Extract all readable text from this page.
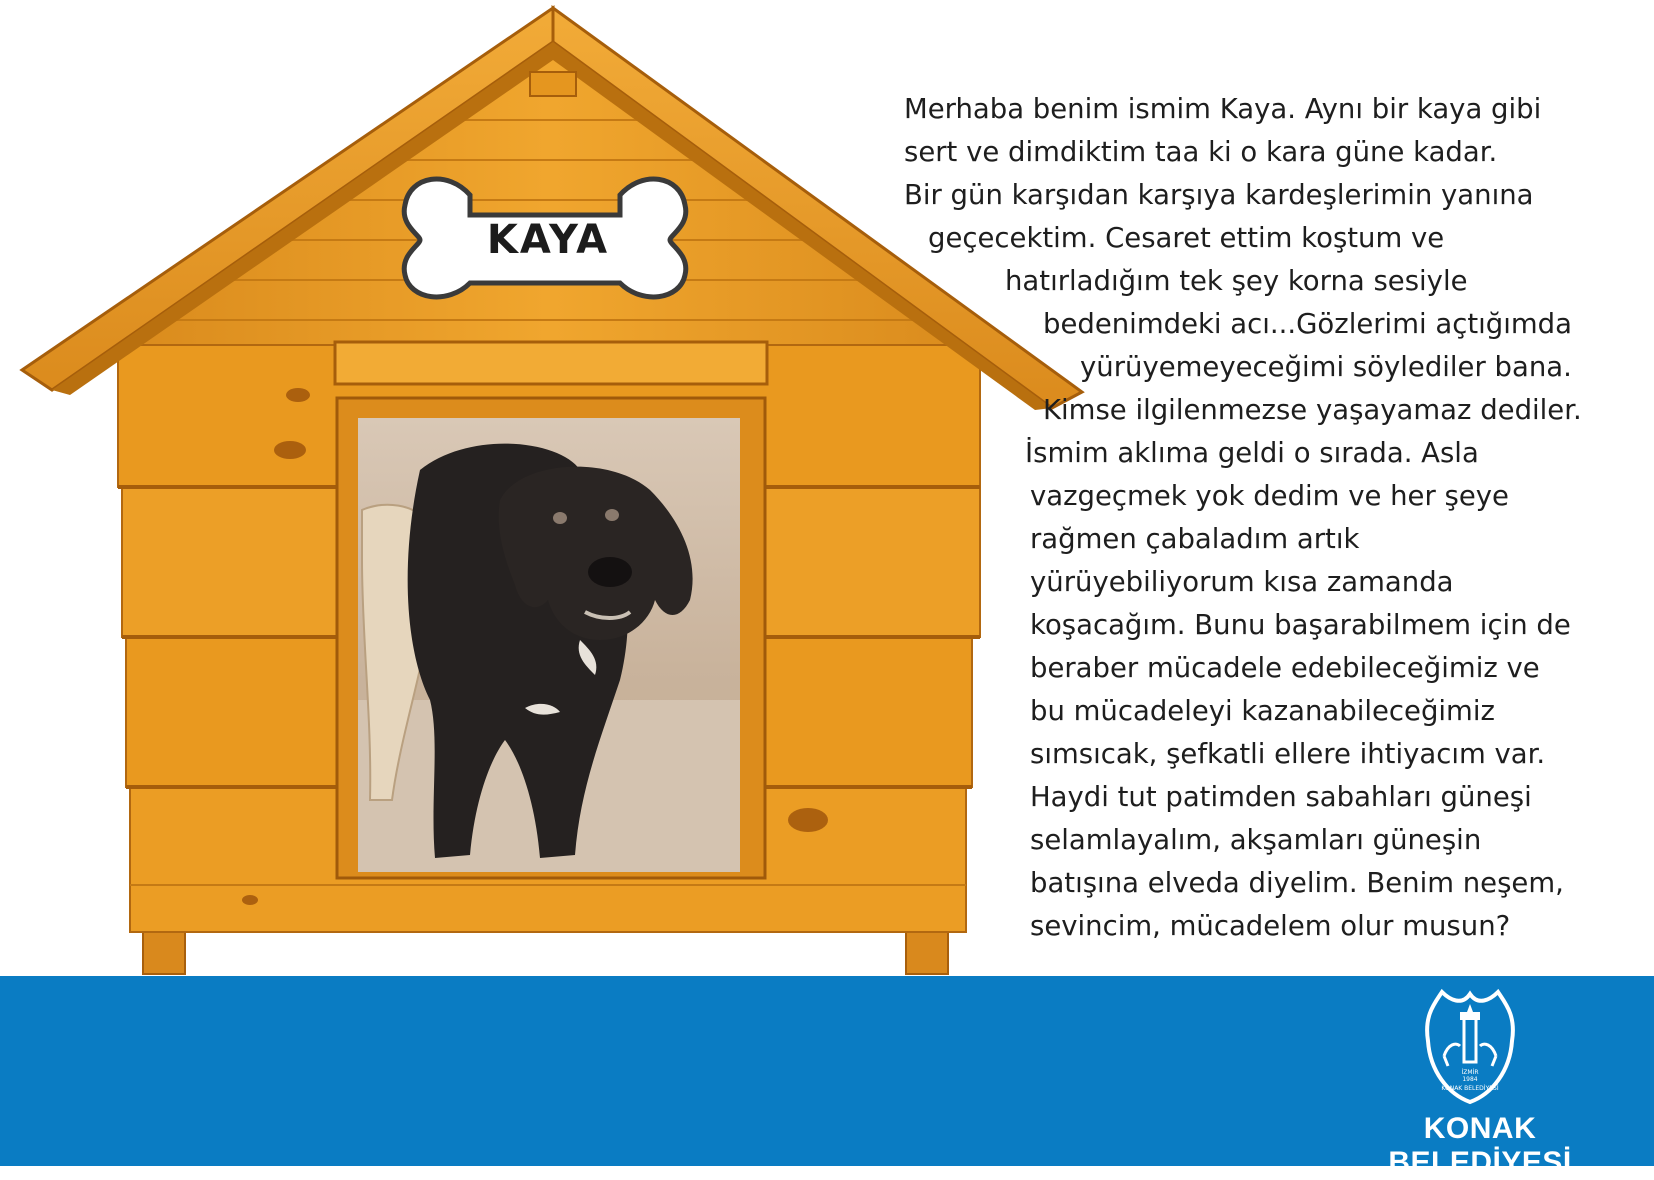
KAYA
Merhaba benim ismim Kaya. Aynı bir kaya gibi
sert ve dimdiktim taa ki o kara güne kadar.
Bir gün karşıdan karşıya kardeşlerimin yanına
geçecektim. Cesaret ettim koştum ve
hatırladığım tek şey korna sesiyle
bedenimdeki acı...Gözlerimi açtığımda
yürüyemeyeceğimi söylediler bana.
Kimse ilgilenmezse yaşayamaz dediler.
İsmim aklıma geldi o sırada. Asla
vazgeçmek yok dedim ve her şeye
rağmen çabaladım artık
yürüyebiliyorum kısa zamanda
koşacağım. Bunu başarabilmem için de
beraber mücadele edebileceğimiz ve
bu mücadeleyi kazanabileceğimiz
sımsıcak, şefkatli ellere ihtiyacım var.
Haydi tut patimden sabahları güneşi
selamlayalım, akşamları güneşin
batışına elveda diyelim. Benim neşem,
sevincim, mücadelem olur musun?
İZMİR
1984
KONAK BELEDİYESİ
KONAK BELEDİYESİ
